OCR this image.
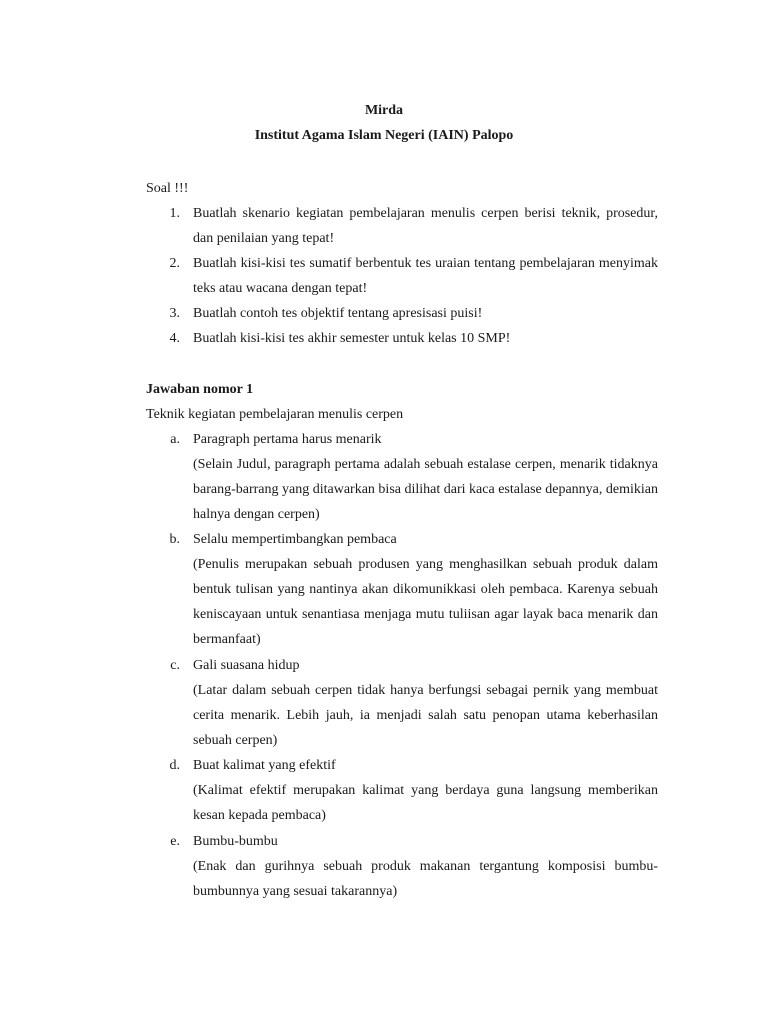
Mirda
Institut Agama Islam Negeri (IAIN) Palopo
Soal !!!
1. Buatlah skenario kegiatan pembelajaran menulis cerpen berisi teknik, prosedur, dan penilaian yang tepat!
2. Buatlah kisi-kisi tes sumatif berbentuk tes uraian tentang pembelajaran menyimak teks atau wacana dengan tepat!
3. Buatlah contoh tes objektif tentang apresisasi puisi!
4. Buatlah kisi-kisi tes akhir semester untuk kelas 10 SMP!
Jawaban nomor 1
Teknik kegiatan pembelajaran menulis cerpen
a. Paragraph pertama harus menarik
(Selain Judul, paragraph pertama adalah sebuah estalase cerpen, menarik tidaknya barang-barrang yang ditawarkan bisa dilihat dari kaca estalase depannya, demikian halnya dengan cerpen)
b. Selalu mempertimbangkan pembaca
(Penulis merupakan sebuah produsen yang menghasilkan sebuah produk dalam bentuk tulisan yang nantinya akan dikomunikkasi oleh pembaca. Karenya sebuah keniscayaan untuk senantiasa menjaga mutu tuliisan agar layak baca menarik dan bermanfaat)
c. Gali suasana hidup
(Latar dalam sebuah cerpen tidak hanya berfungsi sebagai pernik yang membuat cerita menarik. Lebih jauh, ia menjadi salah satu penopan utama keberhasilan sebuah cerpen)
d. Buat kalimat yang efektif
(Kalimat efektif merupakan kalimat yang berdaya guna langsung memberikan kesan kepada pembaca)
e. Bumbu-bumbu
(Enak dan gurihnya sebuah produk makanan tergantung komposisi bumbu-bumbunnya yang sesuai takarannya)
